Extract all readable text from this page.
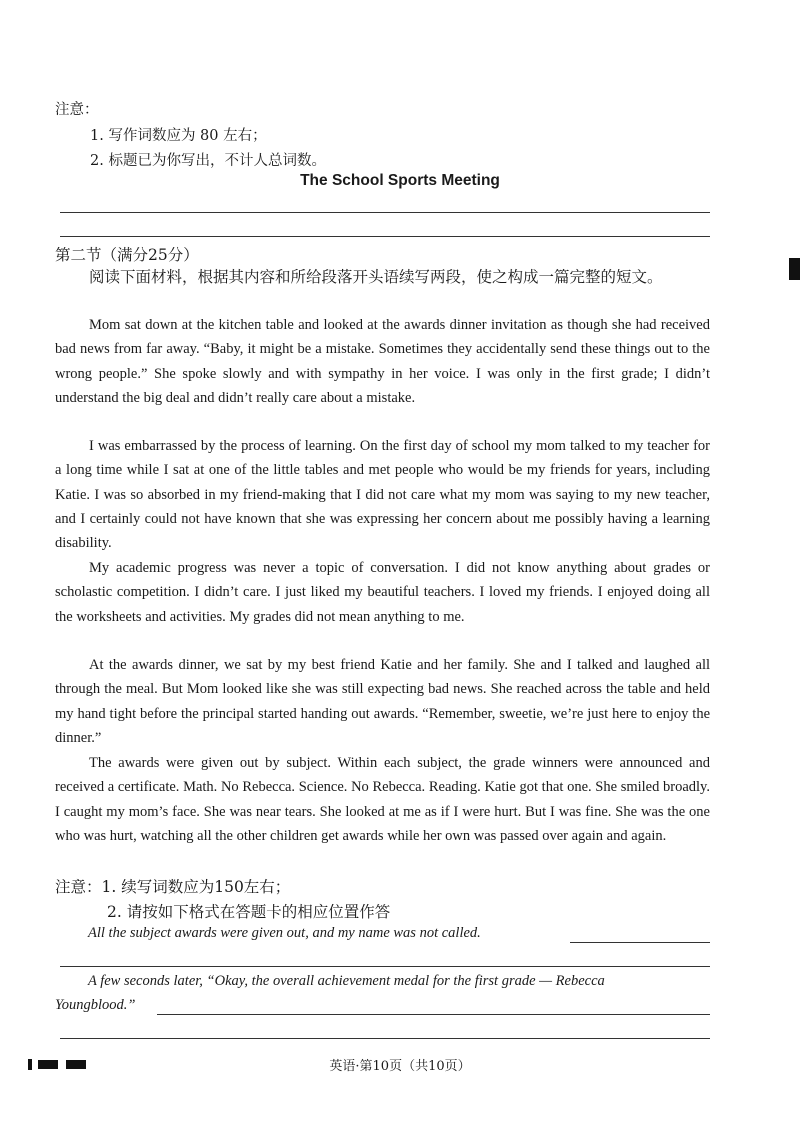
注意：
1. 写作词数应为 80 左右；
2. 标题已为你写出，不计人总词数。
The School Sports Meeting
第二节（满分25分）
阅读下面材料，根据其内容和所给段落开头语续写两段，使之构成一篇完整的短文。
Mom sat down at the kitchen table and looked at the awards dinner invitation as though she had received bad news from far away. “Baby, it might be a mistake. Sometimes they accidentally send these things out to the wrong people.” She spoke slowly and with sympathy in her voice. I was only in the first grade; I didn’t understand the big deal and didn’t really care about a mistake.
I was embarrassed by the process of learning. On the first day of school my mom talked to my teacher for a long time while I sat at one of the little tables and met people who would be my friends for years, including Katie. I was so absorbed in my friend-making that I did not care what my mom was saying to my new teacher, and I certainly could not have known that she was expressing her concern about me possibly having a learning disability.
My academic progress was never a topic of conversation. I did not know anything about grades or scholastic competition. I didn’t care. I just liked my beautiful teachers. I loved my friends. I enjoyed doing all the worksheets and activities. My grades did not mean anything to me.
At the awards dinner, we sat by my best friend Katie and her family. She and I talked and laughed all through the meal. But Mom looked like she was still expecting bad news. She reached across the table and held my hand tight before the principal started handing out awards. “Remember, sweetie, we’re just here to enjoy the dinner.”
The awards were given out by subject. Within each subject, the grade winners were announced and received a certificate. Math. No Rebecca. Science. No Rebecca. Reading. Katie got that one. She smiled broadly. I caught my mom’s face. She was near tears. She looked at me as if I were hurt. But I was fine. She was the one who was hurt, watching all the other children get awards while her own was passed over again and again.
注意：1. 续写词数应为150左右；
2. 请按如下格式在答题卡的相应位置作答
All the subject awards were given out, and my name was not called.
A few seconds later, “Okay, the overall achievement medal for the first grade — Rebecca
Youngblood.”
英语·第10页（共10页）
